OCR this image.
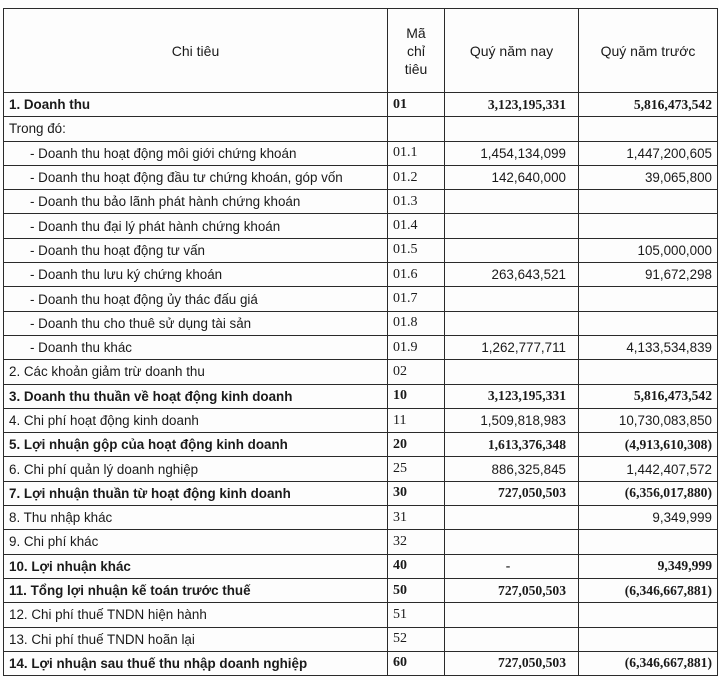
Chi tiêu	Mã chỉ tiêu	Quý năm nay	Quý năm trước
1. Doanh thu	01	3,123,195,331	5,816,473,542
Trong đó:			
- Doanh thu hoạt động môi giới chứng khoán	01.1	1,454,134,099	1,447,200,605
- Doanh thu hoạt động đầu tư chứng khoán, góp vốn	01.2	142,640,000	39,065,800
- Doanh thu bảo lãnh phát hành chứng khoán	01.3		
- Doanh thu đại lý phát hành chứng khoán	01.4		
- Doanh thu hoạt động tư vấn	01.5		105,000,000
- Doanh thu lưu ký chứng khoán	01.6	263,643,521	91,672,298
- Doanh thu hoạt động ủy thác đấu giá	01.7		
- Doanh thu cho thuê sử dụng tài sản	01.8		
- Doanh thu khác	01.9	1,262,777,711	4,133,534,839
2. Các khoản giảm trừ doanh thu	02		
3. Doanh thu thuần về hoạt động kinh doanh	10	3,123,195,331	5,816,473,542
4. Chi phí hoạt động kinh doanh	11	1,509,818,983	10,730,083,850
5. Lợi nhuận gộp của hoạt động kinh doanh	20	1,613,376,348	(4,913,610,308)
6. Chi phí quản lý doanh nghiệp	25	886,325,845	1,442,407,572
7. Lợi nhuận thuần từ hoạt động kinh doanh	30	727,050,503	(6,356,017,880)
8. Thu nhập khác	31		9,349,999
9. Chi phí khác	32		
10. Lợi nhuận khác	40	-	9,349,999
11. Tổng lợi nhuận kế toán trước thuế	50	727,050,503	(6,346,667,881)
12. Chi phí thuế TNDN hiện hành	51		
13. Chi phí thuế TNDN hoãn lại	52		
14. Lợi nhuận sau thuế thu nhập doanh nghiệp	60	727,050,503	(6,346,667,881)
